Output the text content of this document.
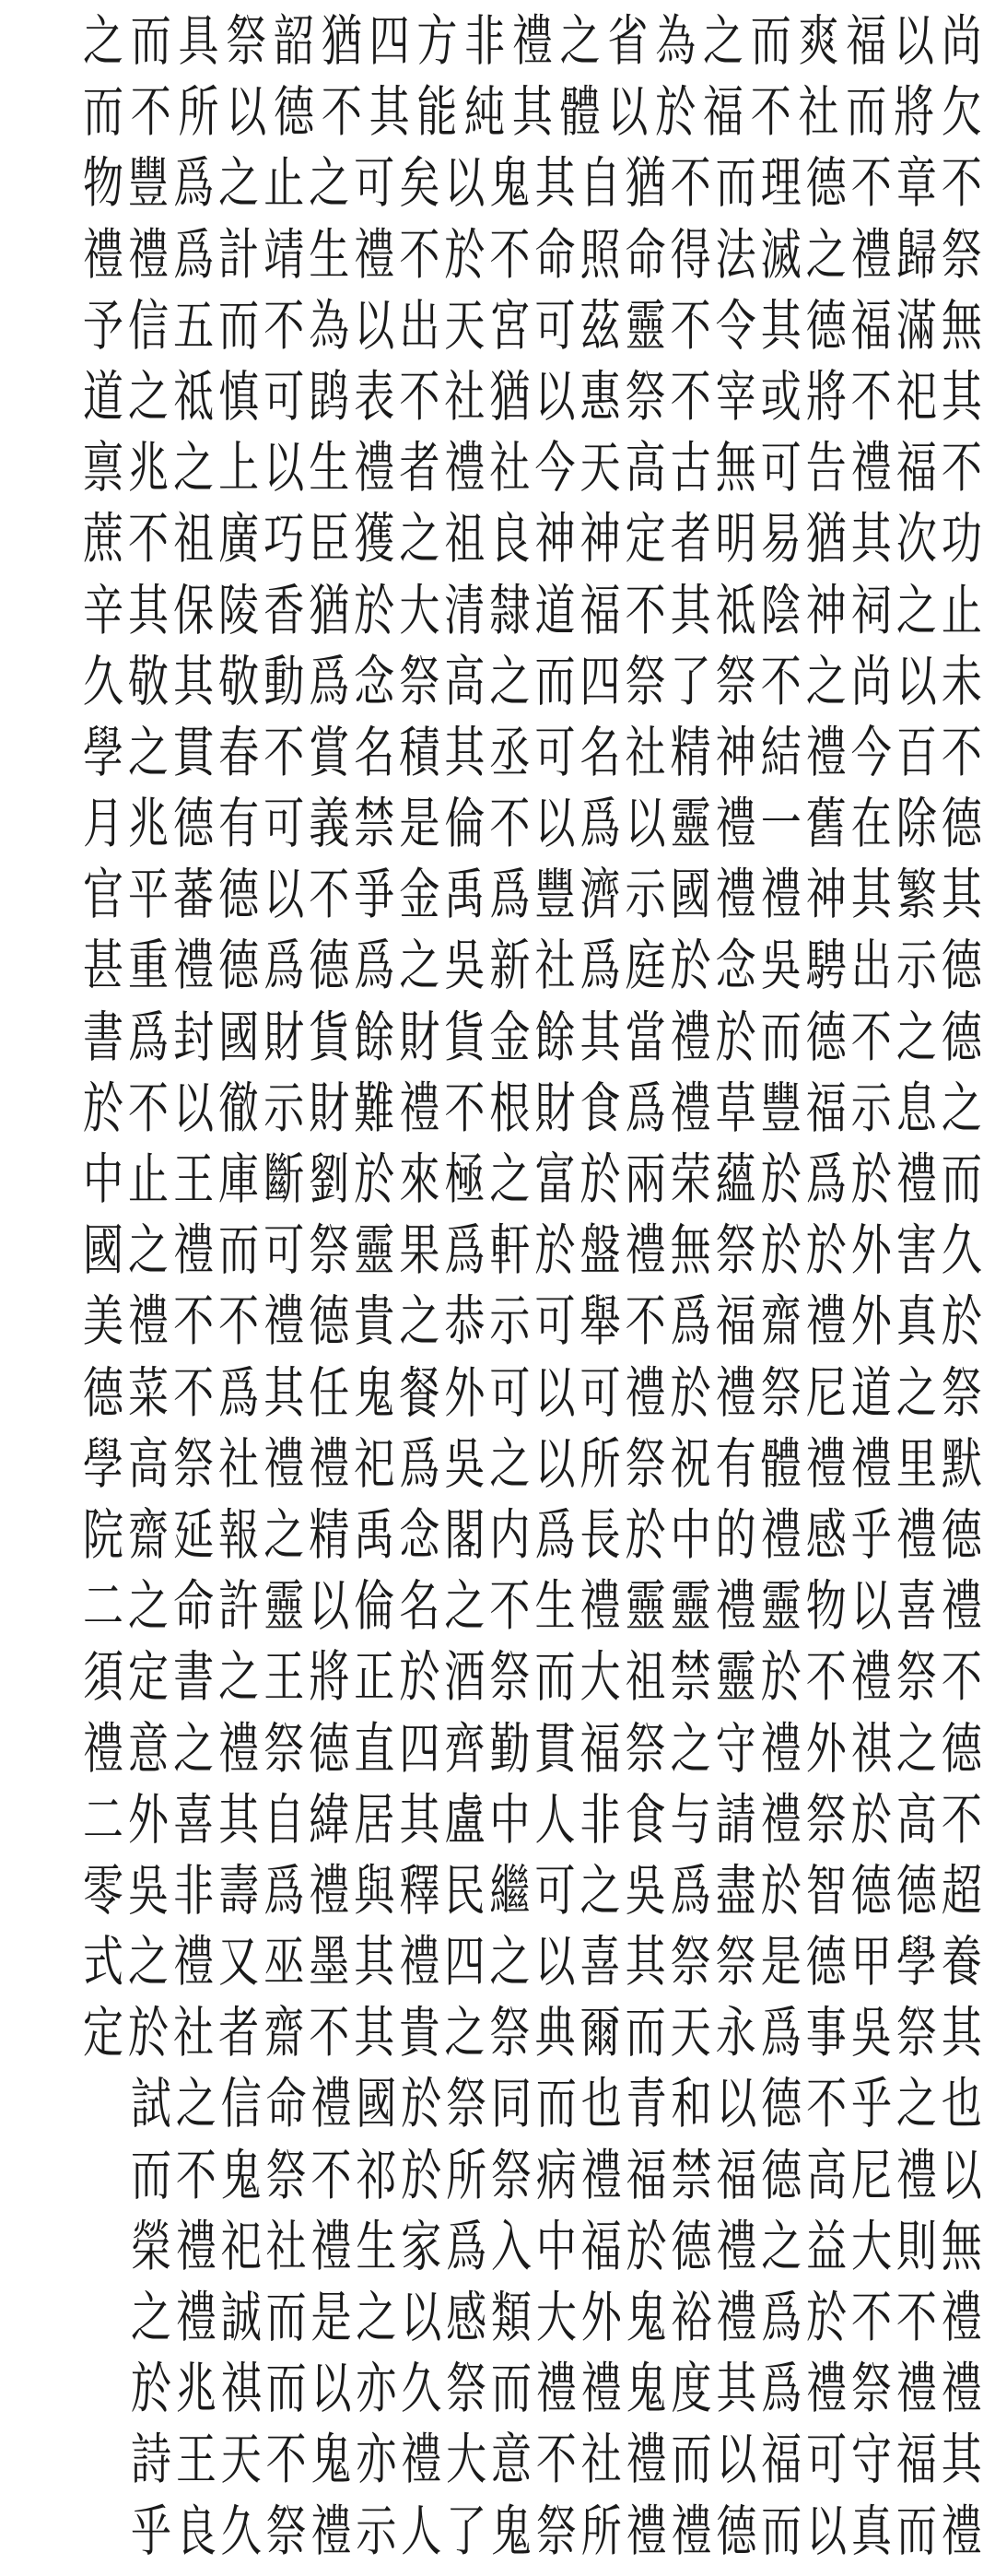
之 而 具 祭 韶 猶 四 方 非 禮 之 省 為 之 而 爽 福 以 尚
而 不 所 以 德 不 其 能 純 其 體 以 於 福 不 社 而 將 欠
物 豐 爲 之 止 之 可 矣 以 鬼 其 自 猶 不 而 理 德 不 章 不
禮 禮 爲 計 靖 生 禮 不 於 不 命 照 命 得 法 滅 之 禮 歸 祭
予 信 五 而 不 為 以 出 天 宮 可 茲 靈 不 令 其 德 福 滿 無
道 之 祗 慎 可 鹍 表 不 社 猶 以 惠 祭 不 宰 或 將 不 祀 其
禀 兆 之 上 以 生 禮 者 禮 社 今 天 高 古 無 可 告 禮 福 不
蔗 不 祖 廣 巧 臣 獲 之 祖 良 神 神 定 者 明 易 猶 其 次 功
辛 其 保 陵 香 猶 於 大 清 隸 道 福 不 其 祗 陰 神 祠 之 止
久 敬 其 敬 動 爲 念 祭 高 之 而 四 祭 了 祭 不 之 尚 以 未
學 之 貫 春 不 賞 名 積 其 丞 可 名 社 精 神 結 禮 今 百 不
月 兆 德 有 可 義 禁 是 倫 不 以 爲 以 靈 禮 一 舊 在 除 德
官 平 蕃 德 以 不 爭 金 禹 爲 豐 濟 示 國 禮 禮 神 其 繁 其
甚 重 禮 德 爲 德 爲 之 吳 新 社 爲 庭 於 念 吳 騁 出 示 德
書 爲 封 國 財 貨 餘 財 貨 金 餘 其 當 禮 於 而 德 不 之 德
於 不 以 徹 示 財 難 禮 不 根 財 食 爲 禮 草 豐 福 示 息 之
中 止 王 庫 斷 劉 於 來 極 之 富 於 兩 荣 蘊 於 爲 於 禮 而
國 之 禮 而 可 祭 靈 果 爲 軒 於 盤 禮 無 祭 於 於 外 害 久
美 禮 不 不 禮 德 貴 之 恭 示 可 舉 不 爲 福 齋 禮 外 真 於
德 菜 不 爲 其 任 鬼 餐 外 可 以 可 禮 於 禮 祭 尼 道 之 祭
學 高 祭 社 禮 禮 祀 爲 吳 之 以 所 祭 祝 有 體 禮 禮 里 默
院 齋 延 報 之 精 禹 念 閣 内 爲 長 於 中 的 禮 感 乎 禮 德
二 之 命 許 靈 以 倫 名 之 不 生 禮 靈 靈 禮 靈 物 以 喜 禮
須 定 書 之 王 將 正 於 酒 祭 而 大 祖 禁 靈 於 不 禮 祭 不
禮 意 之 禮 祭 德 直 四 齊 勤 貫 福 祭 之 守 禮 外 祺 之 德
二 外 喜 其 自 緯 居 其 盧 中 人 非 食 与 請 禮 祭 於 高 不
零 吳 非 壽 爲 禮 與 釋 民 繼 可 之 吳 爲 盡 於 智 德 德 超
式 之 禮 又 巫 墨 其 禮 四 之 以 喜 其 祭 祭 是 德 甲 學 養
定 於 社 者 齋 不 其 貴 之 祭 典 爾 而 天 永 爲 事 吳 祭 其
試 之 信 命 禮 國 於 祭 同 而 也 青 和 以 德 不 乎 之 也
而 不 鬼 祭 不 祁 於 所 祭 病 禮 福 禁 福 德 高 尼 禮 以
榮 禮 祀 社 禮 生 家 爲 入 中 福 於 德 禮 之 益 大 則 無
之 禮 誠 而 是 之 以 感 類 大 外 鬼 裕 禮 爲 於 不 不 禮
於 兆 祺 而 以 亦 久 祭 而 禮 禮 鬼 度 其 爲 禮 祭 禮 禮
詩 王 天 不 鬼 亦 禮 大 意 不 社 禮 而 以 福 可 守 福 其
乎 良 久 祭 禮 示 人 了 鬼 祭 所 禮 禮 德 而 以 真 而 禮
